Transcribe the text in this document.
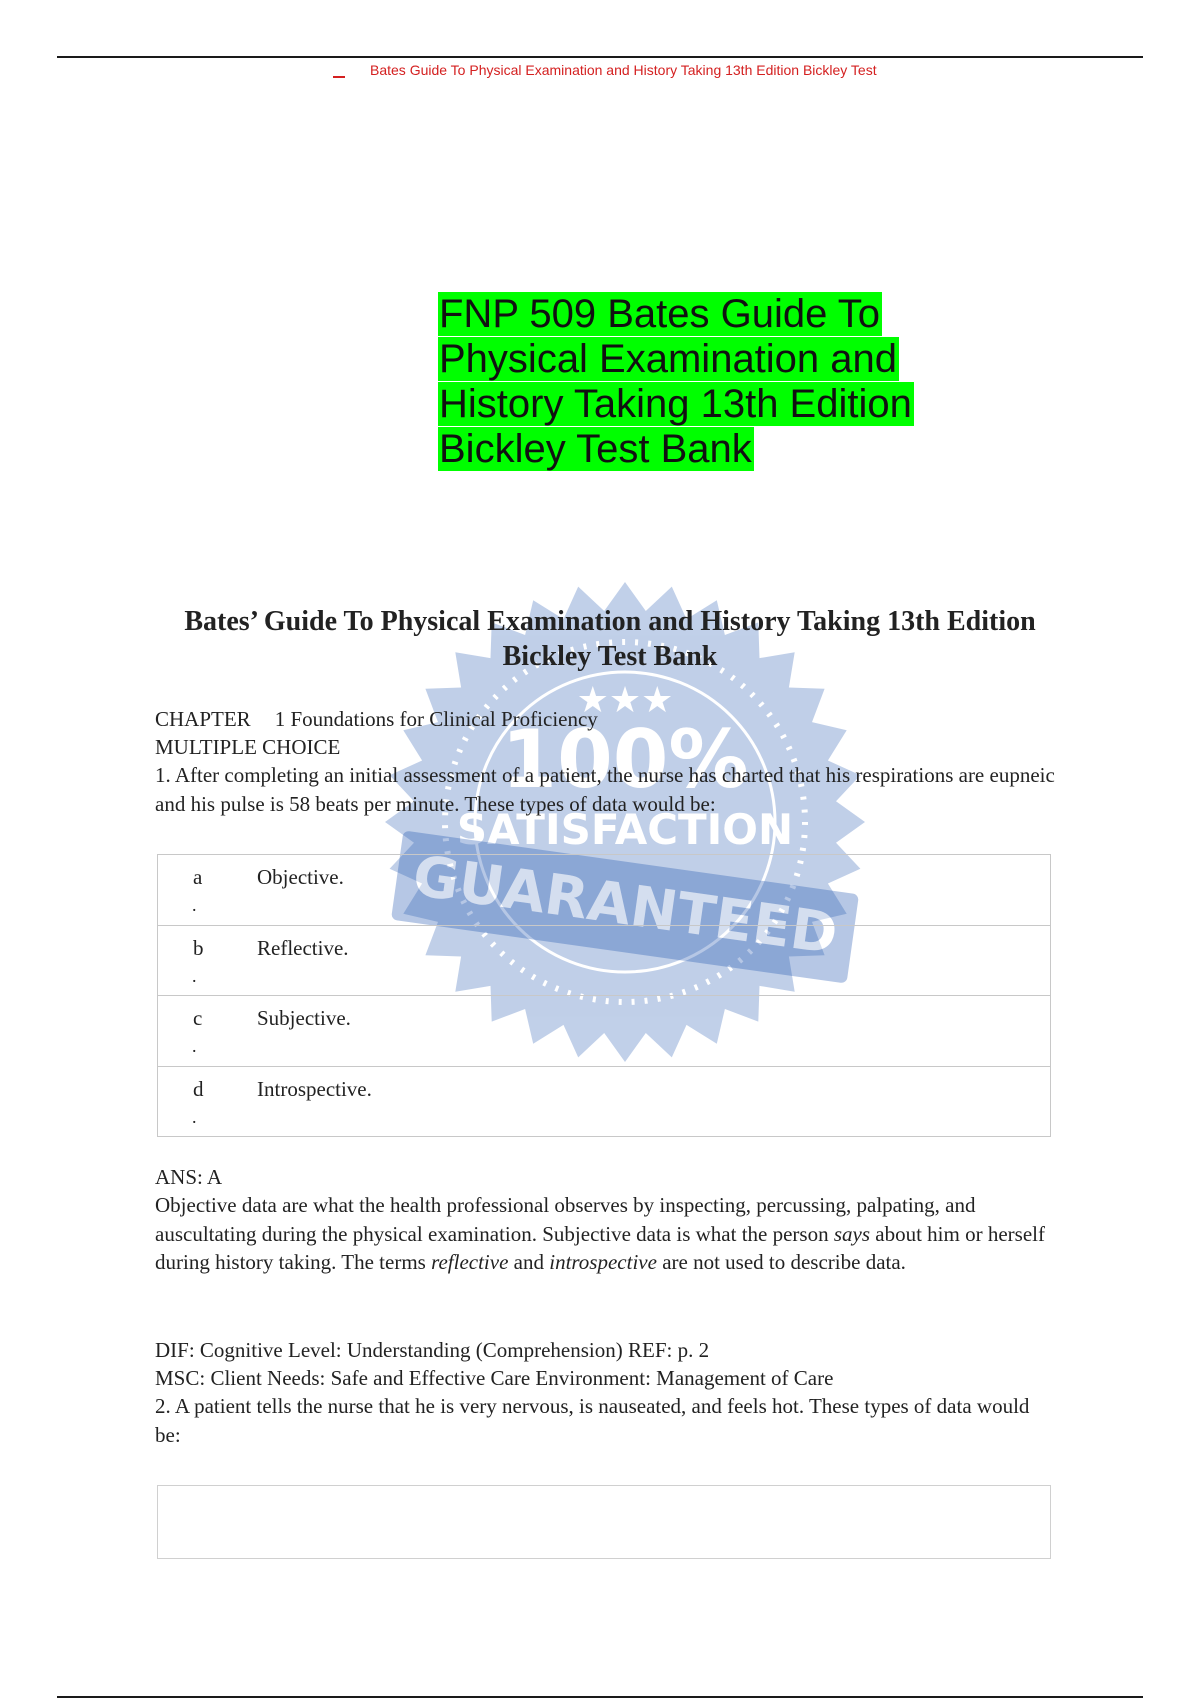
Bates Guide To Physical Examination and History Taking 13th Edition Bickley Test
FNP 509 Bates Guide To Physical Examination and History Taking 13th Edition Bickley Test Bank
★★★
100%
SATISFACTION
GUARANTEED
Bates’ Guide To Physical Examination and History Taking 13th Edition Bickley Test Bank
CHAPTER 1 Foundations for Clinical Proficiency
MULTIPLE CHOICE
1. After completing an initial assessment of a patient, the nurse has charted that his respirations are eupneic and his pulse is 58 beats per minute. These types of data would be:
a
.
Objective.
b
.
Reflective.
c
.
Subjective.
d
.
Introspective.
ANS: A
Objective data are what the health professional observes by inspecting, percussing, palpating, and auscultating during the physical examination. Subjective data is what the person says about him or herself during history taking. The terms reflective and introspective are not used to describe data.
DIF: Cognitive Level: Understanding (Comprehension) REF: p. 2
MSC: Client Needs: Safe and Effective Care Environment: Management of Care
2. A patient tells the nurse that he is very nervous, is nauseated, and feels hot. These types of data would be:
